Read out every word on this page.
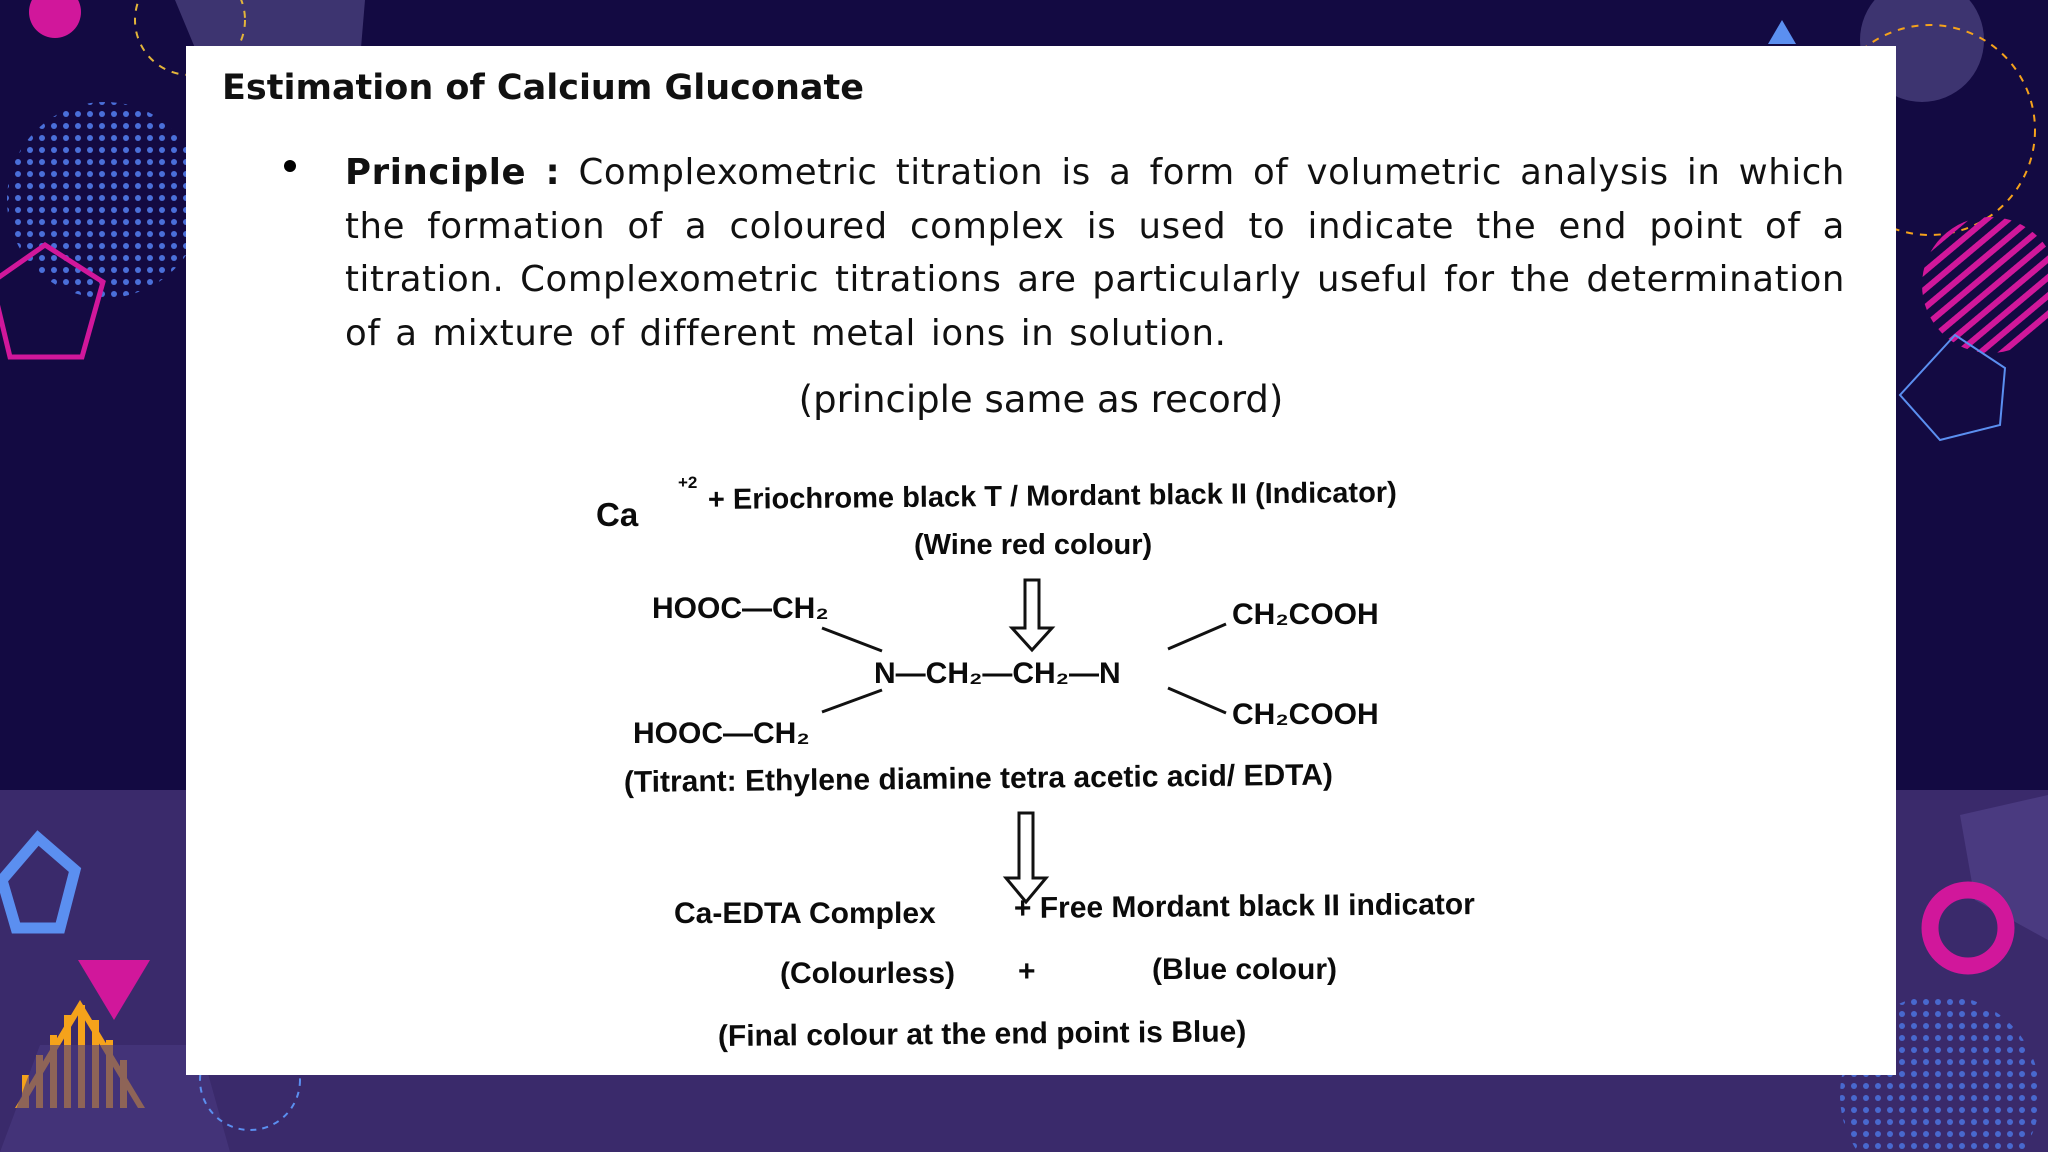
Estimation of Calcium Gluconate
Principle : Complexometric titration is a form of volumetric analysis in which the formation of a coloured complex is used to indicate the end point of a titration. Complexometric titrations are particularly useful for the determination of a mixture of different metal ions in solution.
(principle same as record)

Ca
+2 + Eriochrome black T / Mordant black II (Indicator)
(Wine red colour)
HOOC—CH₂
HOOC—CH₂
CH₂COOH
CH₂COOH
N—CH₂—CH₂—N
(Titrant: Ethylene diamine tetra acetic acid/ EDTA)
Ca-EDTA Complex	+ Free Mordant black II indicator
(Colourless) +	(Blue colour)
(Final colour at the end point is Blue)
